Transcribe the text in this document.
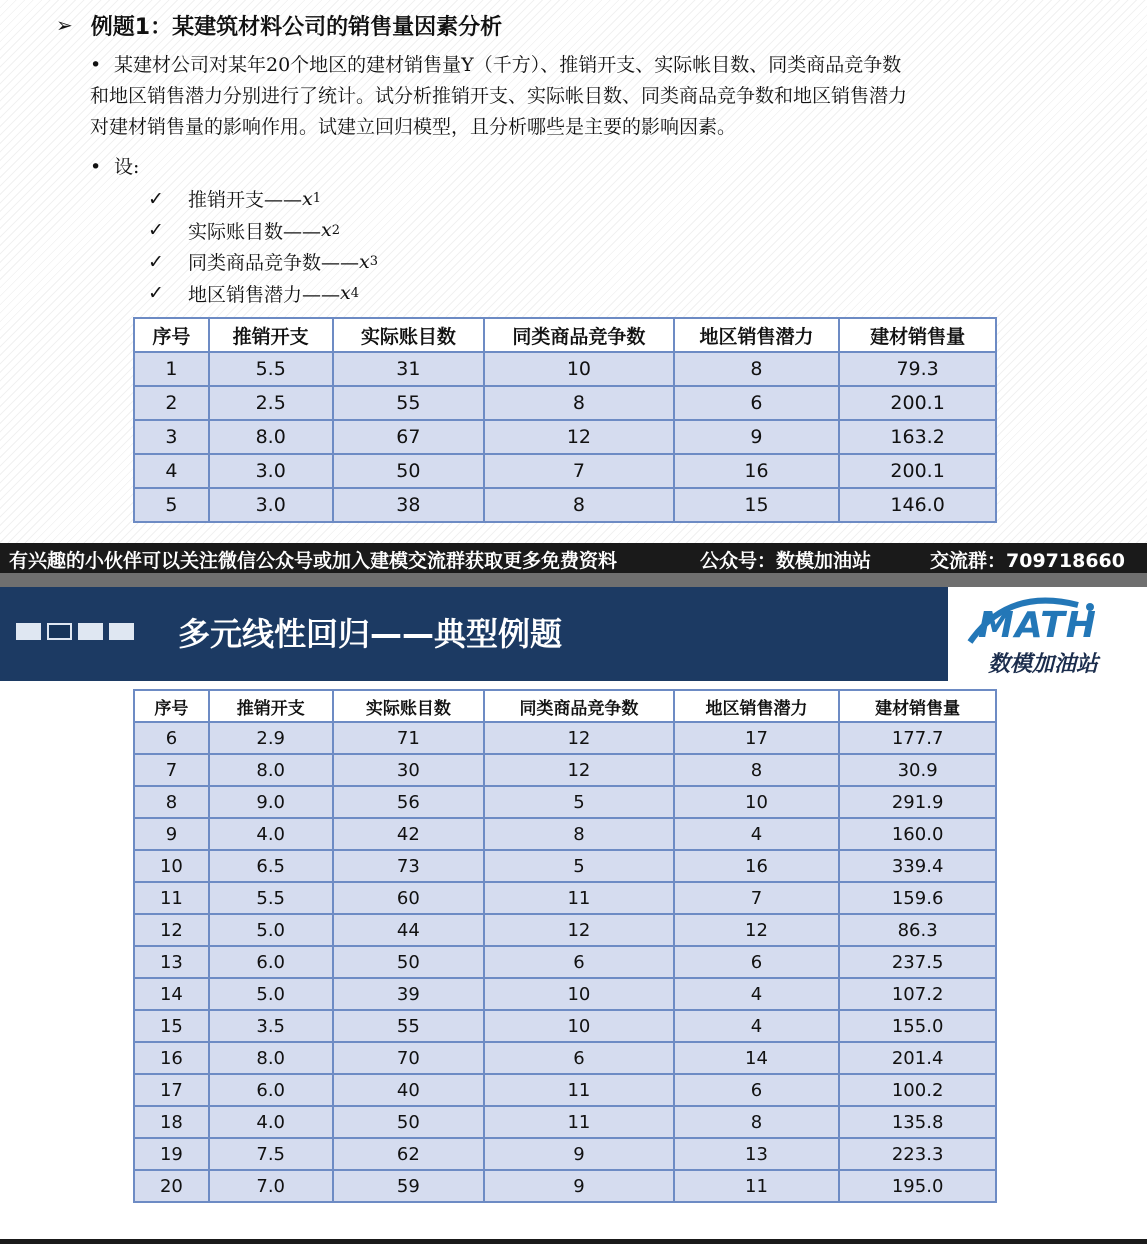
➢ 例题1：某建筑材料公司的销售量因素分析
• 某建材公司对某年20个地区的建材销售量Y（千方）、推销开支、实际帐目数、同类商品竞争数
和地区销售潜力分别进行了统计。试分析推销开支、实际帐目数、同类商品竞争数和地区销售潜力
对建材销售量的影响作用。试建立回归模型，且分析哪些是主要的影响因素。
• 设:
✓	推销开支—— x 1
✓	实际账目数—— x 2
✓	同类商品竞争数—— x 3
✓	地区销售潜力—— x 4
序号	推销开支	实际账目数	同类商品竞争数	地区销售潜力	建材销售量
1	5.5	31	10	8	79.3
2	2.5	55	8	6	200.1
3	8.0	67	12	9	163.2
4	3.0	50	7	16	200.1
5	3.0	38	8	15	146.0
有兴趣的小伙伴可以关注微信公众号或加入建模交流群获取更多免费资料	公众号：数模加油站	交流群：709718660
多元线性回归——典型例题	MATH
数模加油站
序号	推销开支	实际账目数	同类商品竞争数	地区销售潜力	建材销售量
6	2.9	71	12	17	177.7
7	8.0	30	12	8	30.9
8	9.0	56	5	10	291.9
9	4.0	42	8	4	160.0
10	6.5	73	5	16	339.4
11	5.5	60	11	7	159.6
12	5.0	44	12	12	86.3
13	6.0	50	6	6	237.5
14	5.0	39	10	4	107.2
15	3.5	55	10	4	155.0
16	8.0	70	6	14	201.4
17	6.0	40	11	6	100.2
18	4.0	50	11	8	135.8
19	7.5	62	9	13	223.3
20	7.0	59	9	11	195.0
